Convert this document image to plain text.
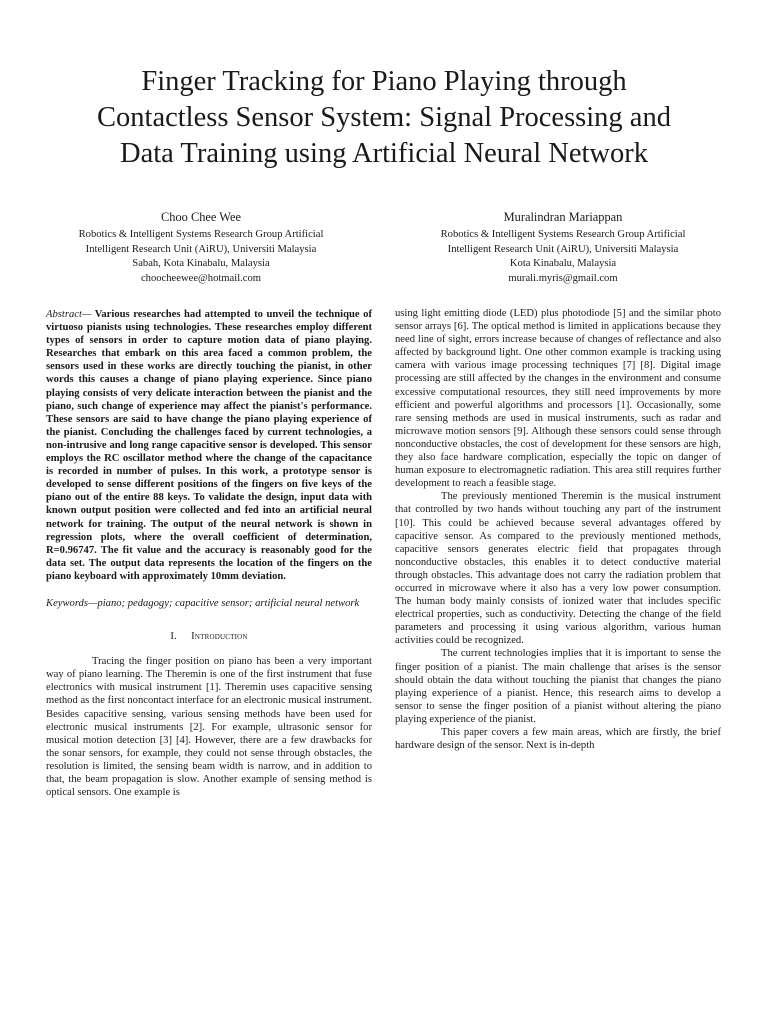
Finger Tracking for Piano Playing through
Contactless Sensor System: Signal Processing and
Data Training using Artificial Neural Network
Choo Chee Wee
Robotics & Intelligent Systems Research Group Artificial
Intelligent Research Unit (AiRU), Universiti Malaysia
Sabah, Kota Kinabalu, Malaysia
choocheewee@hotmail.com
Muralindran Mariappan
Robotics & Intelligent Systems Research Group Artificial
Intelligent Research Unit (AiRU), Universiti Malaysia
Kota Kinabalu, Malaysia
murali.myris@gmail.com

Abstract— Various researches had attempted to unveil the technique of virtuoso pianists using technologies. These researches employ different types of sensors in order to capture motion data of piano playing. Researches that embark on this area faced a common problem, the sensors used in these works are directly touching the pianist, in other words this causes a change of piano playing experience. Since piano playing consists of very delicate interaction between the pianist and the piano, such change of experience may affect the pianist's performance. These sensors are said to have change the piano playing experience of the pianist. Concluding the challenges faced by current technologies, a non-intrusive and long range capacitive sensor is developed. This sensor employs the RC oscillator method where the change of the capacitance is recorded in number of pulses. In this work, a prototype sensor is developed to sense different positions of the fingers on five keys of the piano out of the entire 88 keys. To validate the design, input data with known output position were collected and fed into an artificial neural network for training. The output of the neural network is shown in regression plots, where the overall coefficient of determination, R=0.96747. The fit value and the accuracy is reasonably good for the data set. The output data represents the location of the fingers on the piano keyboard with approximately 10mm deviation.

Keywords—piano; pedagogy; capacitive sensor; artificial neural network

I. Introduction

Tracing the finger position on piano has been a very important way of piano learning. The Theremin is one of the first instrument that fuse electronics with musical instrument [1]. Theremin uses capacitive sensing method as the first noncontact interface for an electronic musical instrument. Besides capacitive sensing, various sensing methods have been used for electronic musical instruments [2]. For example, ultrasonic sensor for musical motion detection [3] [4]. However, there are a few drawbacks for the sonar sensors, for example, they could not sense through obstacles, the resolution is limited, the sensing beam width is narrow, and in addition to that, the beam propagation is slow. Another example of sensing method is optical sensors. One example is

using light emitting diode (LED) plus photodiode [5] and the similar photo sensor arrays [6]. The optical method is limited in applications because they need line of sight, errors increase because of changes of reflectance and also affected by background light. One other common example is tracking using camera with various image processing techniques [7] [8]. Digital image processing are still affected by the changes in the environment and consume excessive computational resources, they still need improvements by more efficient and powerful algorithms and processors [1]. Occasionally, some rare sensing methods are used in musical instruments, such as radar and microwave motion sensors [9]. Although these sensors could sense through nonconductive obstacles, the cost of development for these sensors are high, they also face hardware complication, especially the topic on danger of human exposure to electromagnetic radiation. This area still requires further development to reach a feasible stage.

The previously mentioned Theremin is the musical instrument that controlled by two hands without touching any part of the instrument [10]. This could be achieved because several advantages offered by capacitive sensor. As compared to the previously mentioned methods, capacitive sensors generates electric field that propagates through nonconductive obstacles, this enables it to detect conductive material through obstacles. This advantage does not carry the radiation problem that occurred in microwave where it also has a very low power consumption. The human body mainly consists of ionized water that includes specific electrical properties, such as conductivity. Detecting the change of the field parameters and processing it using various algorithm, various human activities could be recognized.

The current technologies implies that it is important to sense the finger position of a pianist. The main challenge that arises is the sensor should obtain the data without touching the pianist that changes the piano playing experience of a pianist. Hence, this research aims to develop a sensor to sense the finger position of a pianist without altering the piano playing experience of the pianist.

This paper covers a few main areas, which are firstly, the brief hardware design of the sensor. Next is in-depth
